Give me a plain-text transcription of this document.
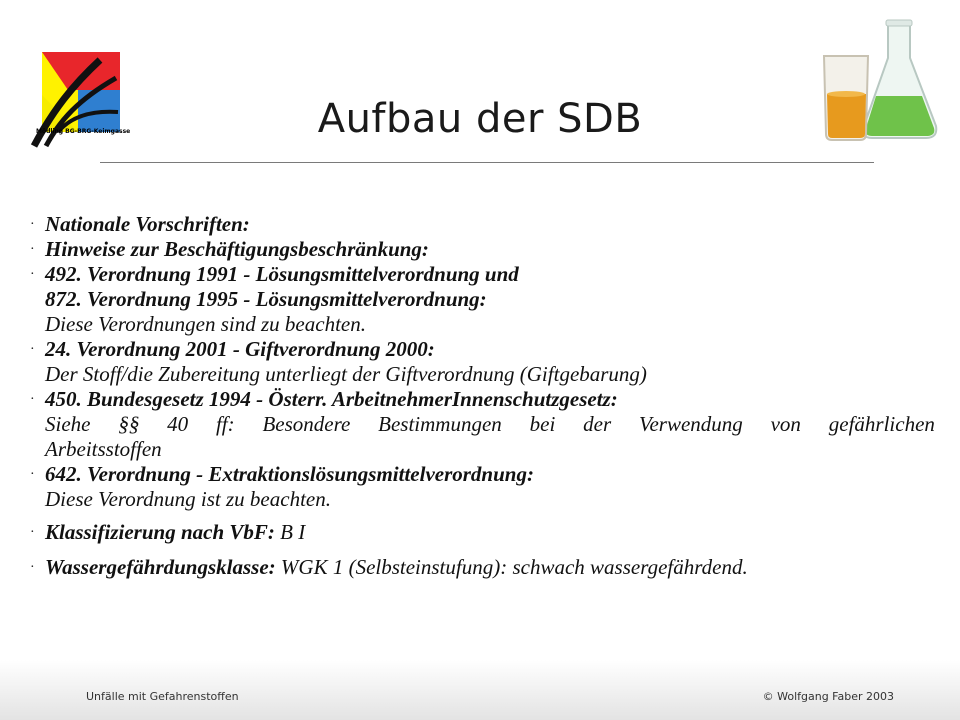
Mödling BG-BRG-Keimgasse	Aufbau der SDB
· Nationale Vorschriften:
· Hinweise zur Beschäftigungsbeschränkung:
· 492. Verordnung 1991 - Lösungsmittelverordnung und
872. Verordnung 1995 - Lösungsmittelverordnung:
Diese Verordnungen sind zu beachten.
· 24. Verordnung 2001 - Giftverordnung 2000:
Der Stoff/die Zubereitung unterliegt der Giftverordnung (Giftgebarung)
· 450. Bundesgesetz 1994 - Österr. ArbeitnehmerInnenschutzgesetz:
Siehe §§ 40 ff: Besondere Bestimmungen bei der Verwendung von gefährlichen
Arbeitsstoffen
· 642. Verordnung - Extraktionslösungsmittelverordnung:
Diese Verordnung ist zu beachten.
· Klassifizierung nach VbF: B I
· Wassergefährdungsklasse: WGK 1 (Selbsteinstufung): schwach wassergefährdend.
Unfälle mit Gefahrenstoffen	© Wolfgang Faber 2003
